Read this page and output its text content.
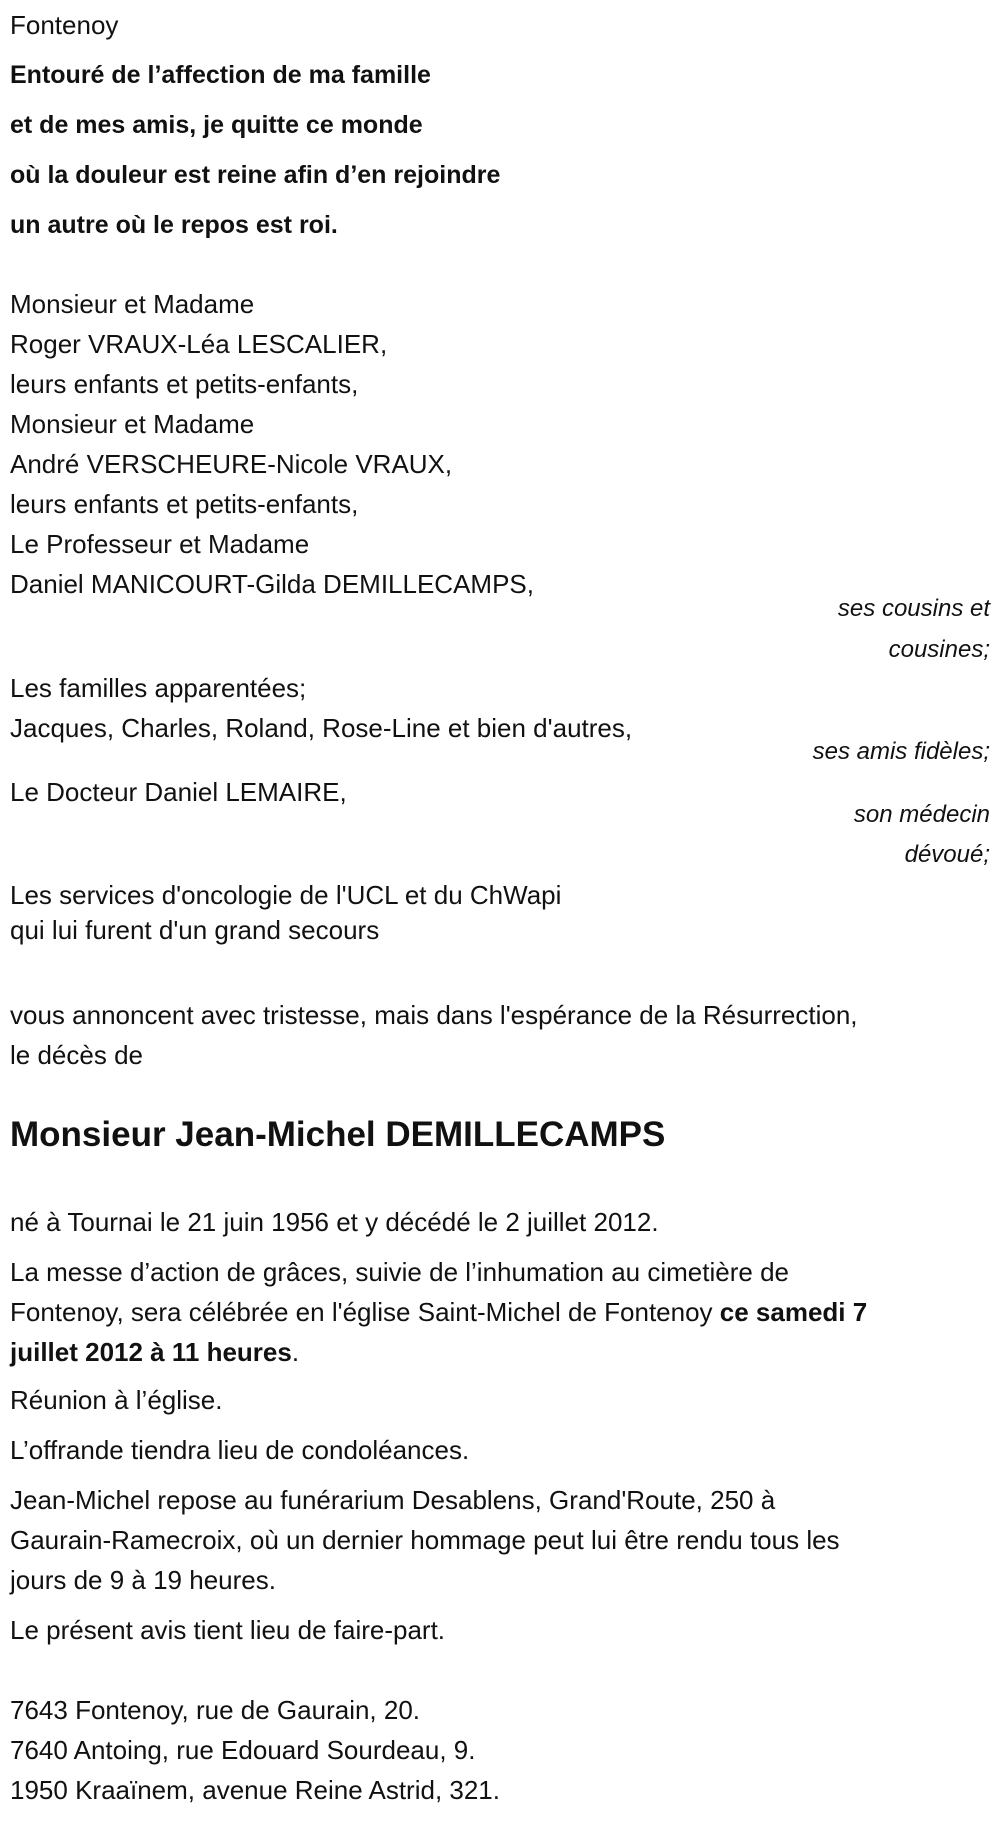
Fontenoy
Entouré de l’affection de ma famille
et de mes amis, je quitte ce monde
où la douleur est reine afin d’en rejoindre
un autre où le repos est roi.
Monsieur et Madame
Roger VRAUX-Léa LESCALIER,
leurs enfants et petits-enfants,
Monsieur et Madame
André VERSCHEURE-Nicole VRAUX,
leurs enfants et petits-enfants,
Le Professeur et Madame
Daniel MANICOURT-Gilda DEMILLECAMPS,
ses cousins et
cousines;
Les familles apparentées;
Jacques, Charles, Roland, Rose-Line et bien d'autres,
ses amis fidèles;
Le Docteur Daniel LEMAIRE,
son médecin
dévoué;
Les services d'oncologie de l'UCL et du ChWapi
qui lui furent d'un grand secours
vous annoncent avec tristesse, mais dans l'espérance de la Résurrection,
le décès de
Monsieur Jean-Michel DEMILLECAMPS
né à Tournai le 21 juin 1956 et y décédé le 2 juillet 2012.
La messe d’action de grâces, suivie de l’inhumation au cimetière de
Fontenoy, sera célébrée en l'église Saint-Michel de Fontenoy ce samedi 7
juillet 2012 à 11 heures.
Réunion à l’église.
L’offrande tiendra lieu de condoléances.
Jean-Michel repose au funérarium Desablens, Grand'Route, 250 à
Gaurain-Ramecroix, où un dernier hommage peut lui être rendu tous les
jours de 9 à 19 heures.
Le présent avis tient lieu de faire-part.
7643 Fontenoy, rue de Gaurain, 20.
7640 Antoing, rue Edouard Sourdeau, 9.
1950 Kraaïnem, avenue Reine Astrid, 321.
